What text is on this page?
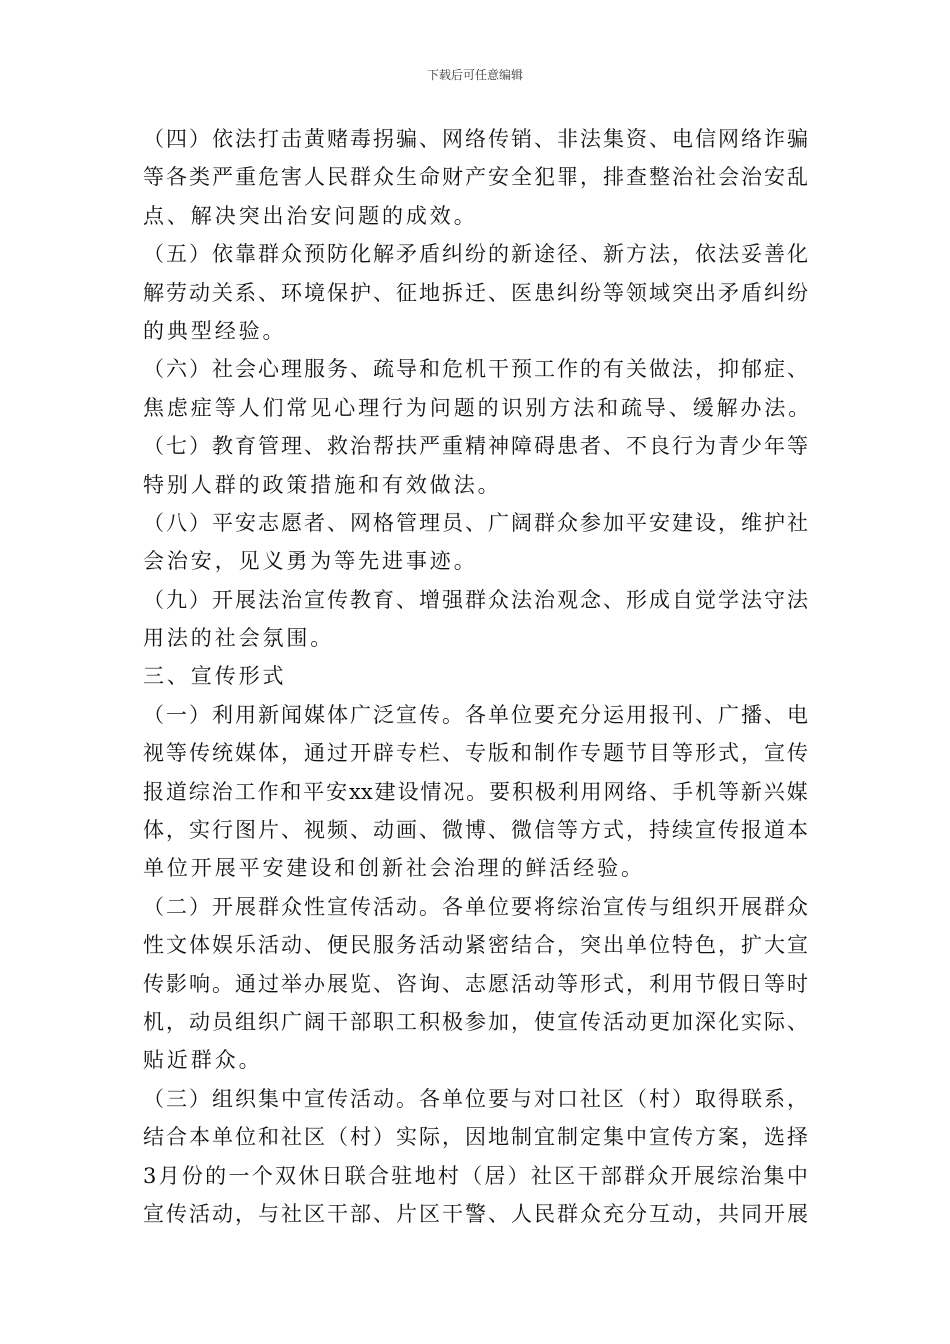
下载后可任意编辑
（ 四 ） 依 法 打 击 黄 赌 毒 拐 骗 、 网 络 传 销 、 非 法 集 资 、 电 信 网 络 诈 骗
等 各 类 严 重 危 害 人 民 群 众 生 命 财 产 安 全 犯 罪 ， 排 查 整 治 社 会 治 安 乱
点、解决突出治安问题的成效。
（ 五 ） 依 靠 群 众 预 防 化 解 矛 盾 纠 纷 的 新 途 径 、 新 方 法 ， 依 法 妥 善 化
解 劳 动 关 系 、 环 境 保 护 、 征 地 拆 迁 、 医 患 纠 纷 等 领 域 突 出 矛 盾 纠 纷
的典型经验。
（ 六 ） 社 会 心 理 服 务 、 疏 导 和 危 机 干 预 工 作 的 有 关 做 法 ， 抑 郁 症 、
焦虑症等人们常见心理行为问题的识别方法和疏导、缓解办法。
（ 七 ） 教 育 管 理 、 救 治 帮 扶 严 重 精 神 障 碍 患 者 、 不 良 行 为 青 少 年 等
特别人群的政策措施和有效做法。
（ 八 ） 平 安 志 愿 者 、 网 格 管 理 员 、 广 阔 群 众 参 加 平 安 建 设 ， 维 护 社
会治安，见义勇为等先进事迹。
（ 九 ） 开 展 法 治 宣 传 教 育 、 增 强 群 众 法 治 观 念 、 形 成 自 觉 学 法 守 法
用法的社会氛围。
三、宣传形式
（ 一 ） 利 用 新 闻 媒 体 广 泛 宣 传 。 各 单 位 要 充 分 运 用 报 刊 、 广 播 、 电
视 等 传 统 媒 体 ， 通 过 开 辟 专 栏 、 专 版 和 制 作 专 题 节 目 等 形 式 ， 宣 传
报 道 综 治 工 作 和 平 安 xx 建 设 情 况 。 要 积 极 利 用 网 络 、 手 机 等 新 兴 媒
体 ， 实 行 图 片 、 视 频 、 动 画 、 微 博 、 微 信 等 方 式 ， 持 续 宣 传 报 道 本
单位开展平安建设和创新社会治理的鲜活经验。
（ 二 ） 开 展 群 众 性 宣 传 活 动 。 各 单 位 要 将 综 治 宣 传 与 组 织 开 展 群 众
性 文 体 娱 乐 活 动 、 便 民 服 务 活 动 紧 密 结 合 ， 突 出 单 位 特 色 ， 扩 大 宣
传 影 响 。 通 过 举 办 展 览 、 咨 询 、 志 愿 活 动 等 形 式 ， 利 用 节 假 日 等 时
机 ， 动 员 组 织 广 阔 干 部 职 工 积 极 参 加 ， 使 宣 传 活 动 更 加 深 化 实 际 、
贴近群众。
（ 三 ） 组 织 集 中 宣 传 活 动 。 各 单 位 要 与 对 口 社 区 （ 村 ） 取 得 联 系 ，
结 合 本 单 位 和 社 区 （ 村 ） 实 际 ， 因 地 制 宜 制 定 集 中 宣 传 方 案 ， 选 择
3 月 份 的 一 个 双 休 日 联 合 驻 地 村 （ 居 ） 社 区 干 部 群 众 开 展 综 治 集 中
宣 传 活 动 ， 与 社 区 干 部 、 片 区 干 警 、 人 民 群 众 充 分 互 动 ， 共 同 开 展
